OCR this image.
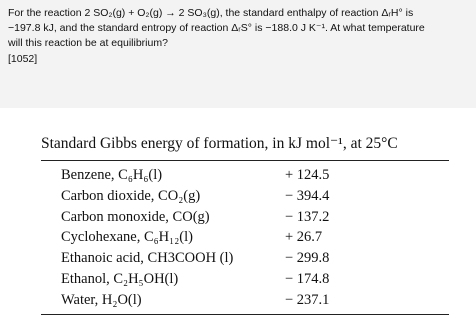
For the reaction 2 SO₂(g) + O₂(g) → 2 SO₃(g), the standard enthalpy of reaction ΔᵣH° is
−197.8 kJ, and the standard entropy of reaction ΔᵣS° is −188.0 J K⁻¹. At what temperature
will this reaction be at equilibrium?
[1052]
Standard Gibbs energy of formation, in kJ mol⁻¹, at 25°C
Benzene, C₆H₆(l)	+ 124.5
Carbon dioxide, CO₂(g)	− 394.4
Carbon monoxide, CO(g)	− 137.2
Cyclohexane, C₆H₁₂(l)	+ 26.7
Ethanoic acid, CH3COOH (l)	− 299.8
Ethanol, C₂H₅OH(l)	− 174.8
Water, H₂O(l)	− 237.1
